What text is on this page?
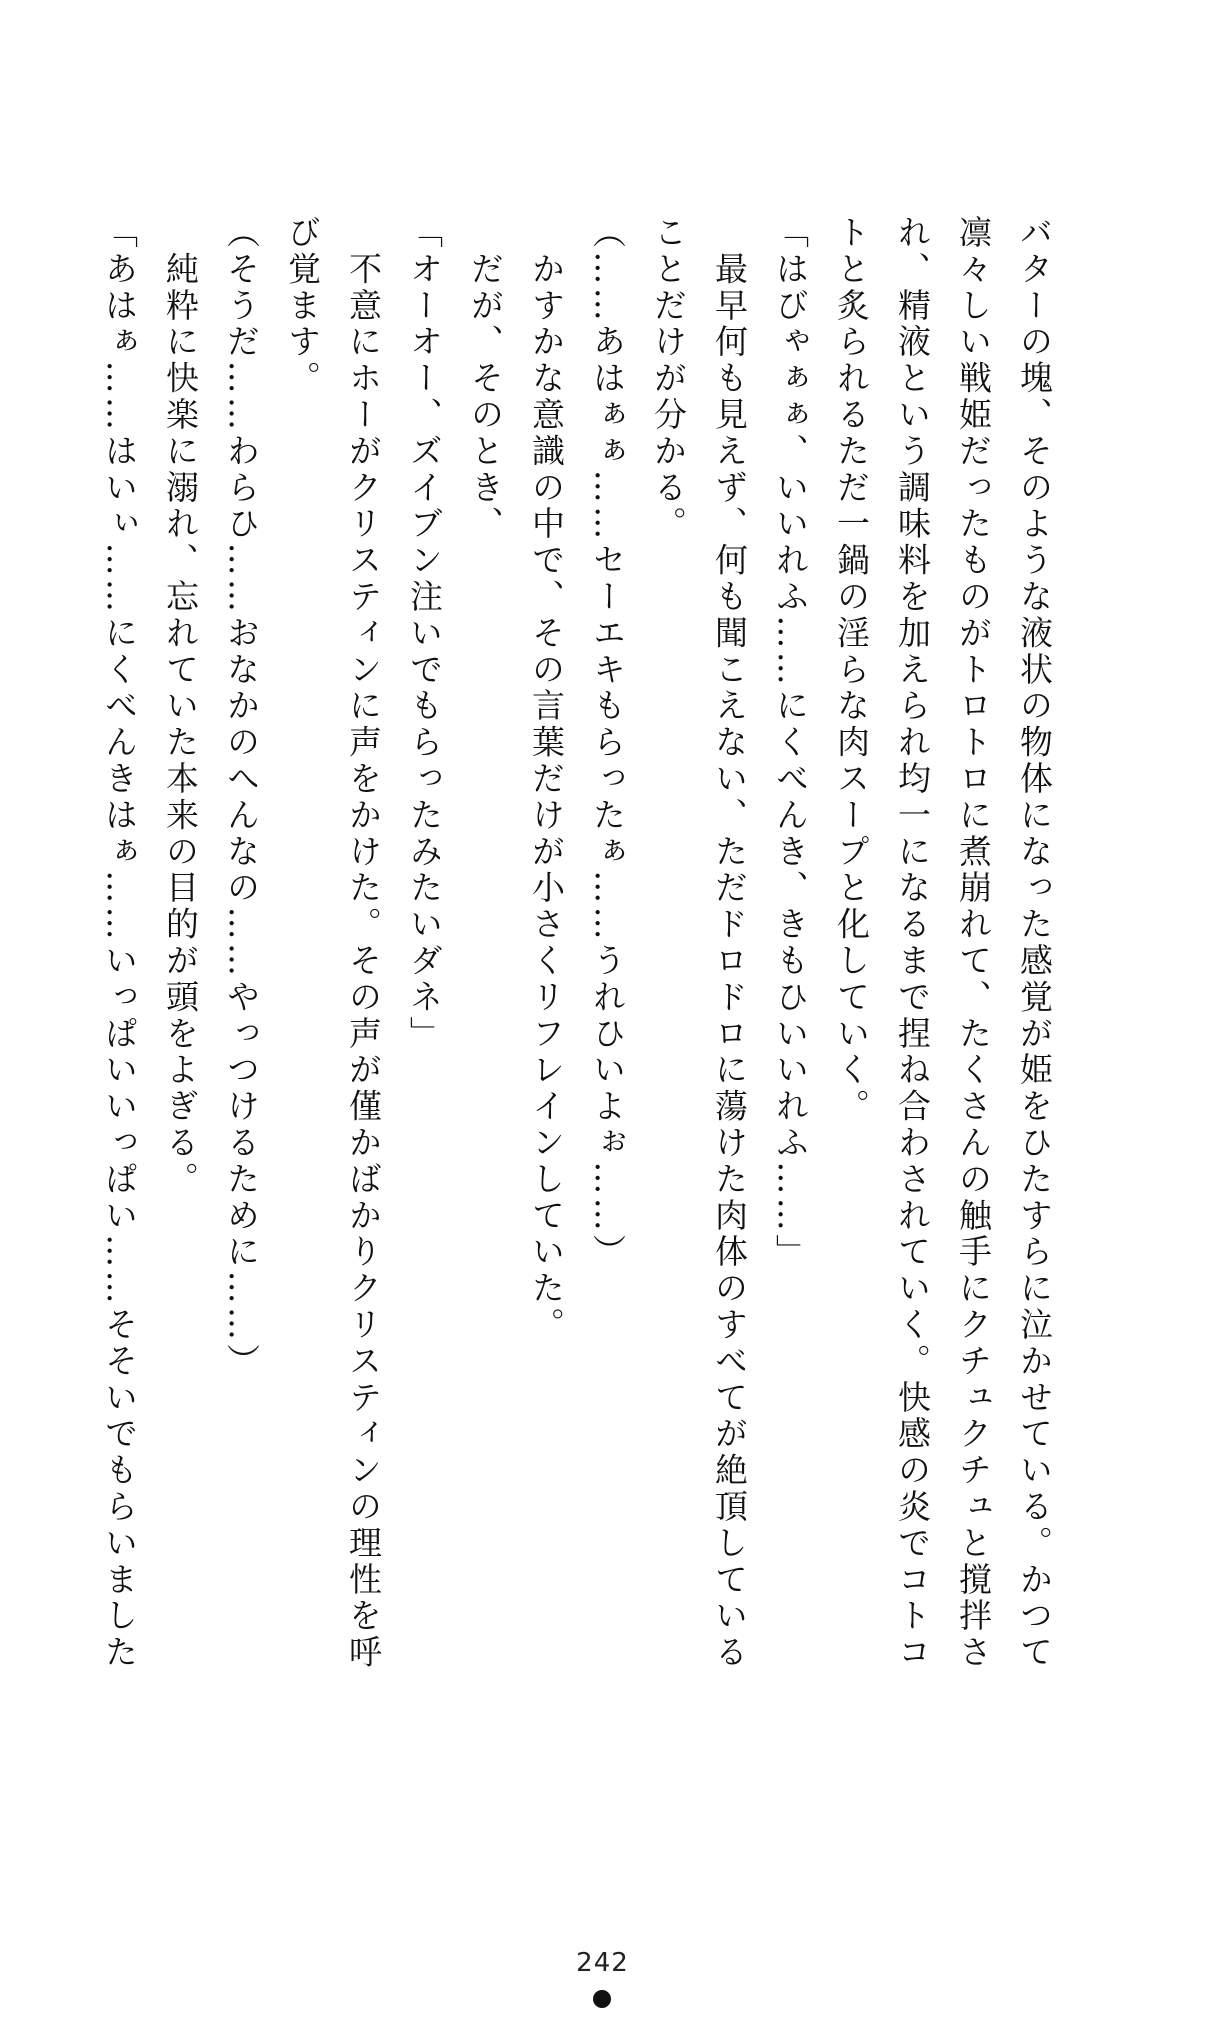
バターの塊、そのような液状の物体になった感覚が姫をひたすらに泣かせている。かつて
凛々しい戦姫だったものがトロトロに煮崩れて、たくさんの触手にクチュクチュと撹拌さ
れ、精液という調味料を加えられ均一になるまで捏ね合わされていく。快感の炎でコトコ
トと炙られるただ一鍋の淫らな肉スープと化していく。
「はびゃぁぁ、いいれふ……にくべんき、きもひいいれふ……」
　最早何も見えず、何も聞こえない、ただドロドロに蕩けた肉体のすべてが絶頂している
ことだけが分かる。
（……あはぁぁ……セーエキもらったぁ……うれひいよぉ……）
　かすかな意識の中で、その言葉だけが小さくリフレインしていた。
　だが、そのとき、
「オーオー、ズイブン注いでもらったみたいダネ」
　不意にホーがクリスティンに声をかけた。その声が僅かばかりクリスティンの理性を呼
び覚ます。
（そうだ……わらひ……おなかのへんなの……やっつけるために……）
　純粋に快楽に溺れ、忘れていた本来の目的が頭をよぎる。
「あはぁ……はいぃ……にくべんきはぁ……いっぱいいっぱい……そそいでもらいました
242
